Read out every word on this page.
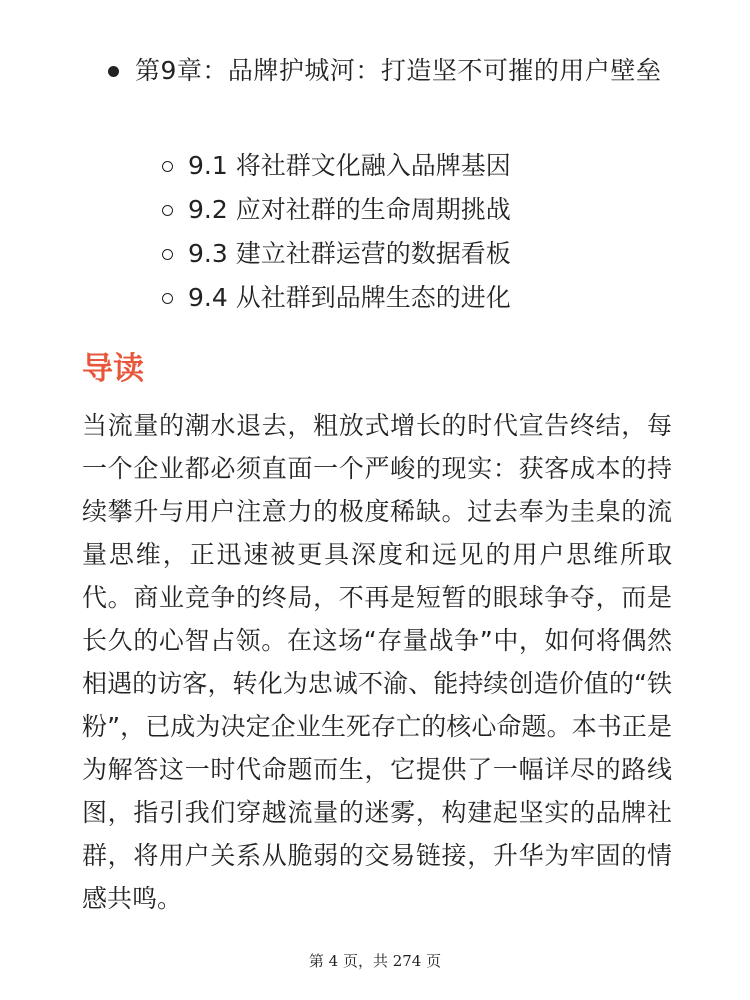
第9章：品牌护城河：打造坚不可摧的用户壁垒
9.1 将社群文化融入品牌基因
9.2 应对社群的生命周期挑战
9.3 建立社群运营的数据看板
9.4 从社群到品牌生态的进化
导读
当流量的潮水退去，粗放式增长的时代宣告终结，每一个企业都必须直面一个严峻的现实：获客成本的持续攀升与用户注意力的极度稀缺。过去奉为圭臬的流量思维，正迅速被更具深度和远见的用户思维所取代。商业竞争的终局，不再是短暂的眼球争夺，而是长久的心智占领。在这场“存量战争”中，如何将偶然相遇的访客，转化为忠诚不渝、能持续创造价值的“铁粉”，已成为决定企业生死存亡的核心命题。本书正是为解答这一时代命题而生，它提供了一幅详尽的路线图，指引我们穿越流量的迷雾，构建起坚实的品牌社群，将用户关系从脆弱的交易链接，升华为牢固的情感共鸣。
第 4 页，共 274 页
